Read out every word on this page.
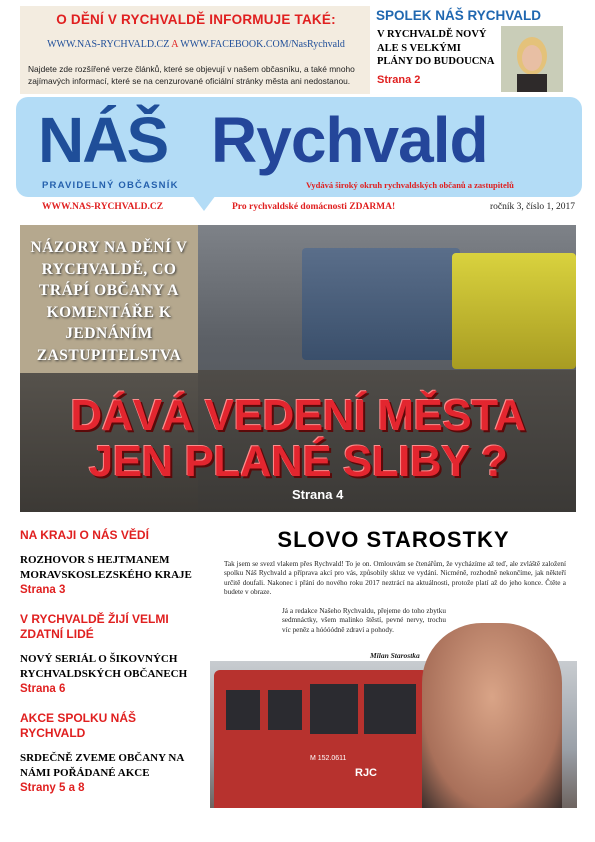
O DĚNÍ V RYCHVALDĚ INFORMUJE TAKÉ:
WWW.NAS-RYCHVALD.CZ A WWW.FACEBOOK.COM/NasRychvald
Najdete zde rozšířené verze článků, které se objevují v našem občasníku, a také mnoho zajímavých informací, které se na cenzurované oficiální stránky města ani nedostanou.
SPOLEK NÁŠ RYCHVALD
V RYCHVALDĚ NOVÝ ALE S VELKÝMI PLÁNY DO BUDOUCNA
Strana 2
NÁŠ Rychvald
PRAVIDELNÝ OBČASNÍK	Vydává široký okruh rychvaldských občanů a zastupitelů
WWW.NAS-RYCHVALD.CZ	Pro rychvaldské domácnosti ZDARMA!	ročník 3, číslo 1, 2017
NÁZORY NA DĚNÍ V RYCHVALDĚ, CO TRÁPÍ OBČANY A KOMENTÁŘE K JEDNÁNÍM ZASTUPITELSTVA
DÁVÁ VEDENÍ MĚSTA
JEN PLANÉ SLIBY ?
Strana 4
NA KRAJI O NÁS VĚDÍ
ROZHOVOR S HEJTMANEM MORAVSKOSLEZSKÉHO KRAJE
Strana 3
V RYCHVALDĚ ŽIJÍ VELMI ZDATNÍ LIDÉ
NOVÝ SERIÁL O ŠIKOVNÝCH RYCHVALDSKÝCH OBČANECH
Strana 6
AKCE SPOLKU NÁŠ RYCHVALD
SRDEČNĚ ZVEME OBČANY NA NÁMI POŘÁDANÉ AKCE
Strany 5 a 8
M 152.0611
RJC
SLOVO STAROSTKY
Tak jsem se svezl vlakem přes Rychvald! To je on. Omlouvám se čtenářům, že vycházíme až teď, ale zvláště založení spolku Náš Rychvald a příprava akcí pro vás, způsobily skluz ve vydání. Nicméně, rozhodně nekončíme, jak někteří určitě doufali. Nakonec i přání do nového roku 2017 neztrácí na aktuálnosti, protože platí až do jeho konce. Čtěte a budete v obraze.
Já a redakce Našeho Rychvaldu, přejeme do toho zbytku sedmnáctky, všem malinko štěstí, pevné nervy, trochu víc peněz a hóóóódně zdraví a pohody.
Milan Starostka
